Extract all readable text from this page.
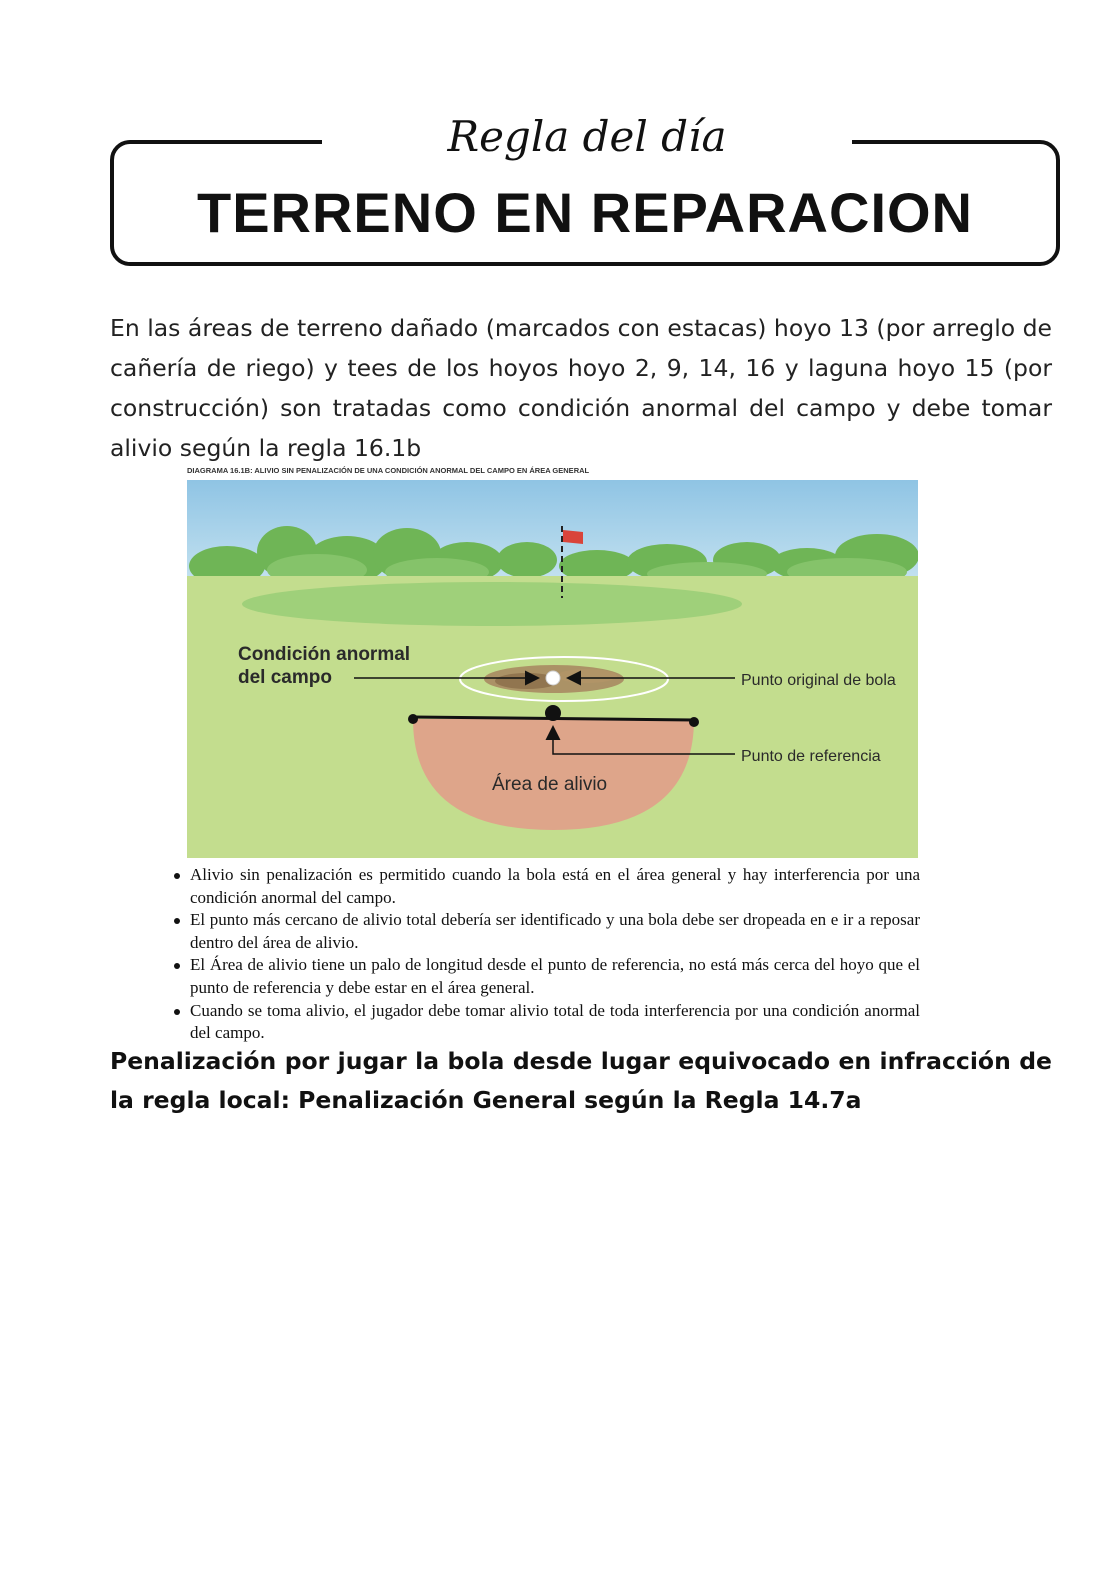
Regla del día
TERRENO EN REPARACION

En las áreas de terreno dañado (marcados con estacas) hoyo 13 (por arreglo de cañería de riego) y tees de los hoyos hoyo 2, 9, 14, 16 y laguna hoyo 15 (por construcción) son tratadas como condición anormal del campo y debe tomar alivio según la regla 16.1b

DIAGRAMA 16.1B: ALIVIO SIN PENALIZACIÓN DE UNA CONDICIÓN ANORMAL DEL CAMPO EN ÁREA GENERAL
Condición anormal
del campo	Punto original de bola
Punto de referencia
Área de alivio
Alivio sin penalización es permitido cuando la bola está en el área general y hay interferencia por una condición anormal del campo.
El punto más cercano de alivio total debería ser identificado y una bola debe ser dropeada en e ir a reposar dentro del área de alivio.
El Área de alivio tiene un palo de longitud desde el punto de referencia, no está más cerca del hoyo que el punto de referencia y debe estar en el área general.
Cuando se toma alivio, el jugador debe tomar alivio total de toda interferencia por una condición anormal del campo.

Penalización por jugar la bola desde lugar equivocado en infracción de la regla local: Penalización General según la Regla 14.7a
